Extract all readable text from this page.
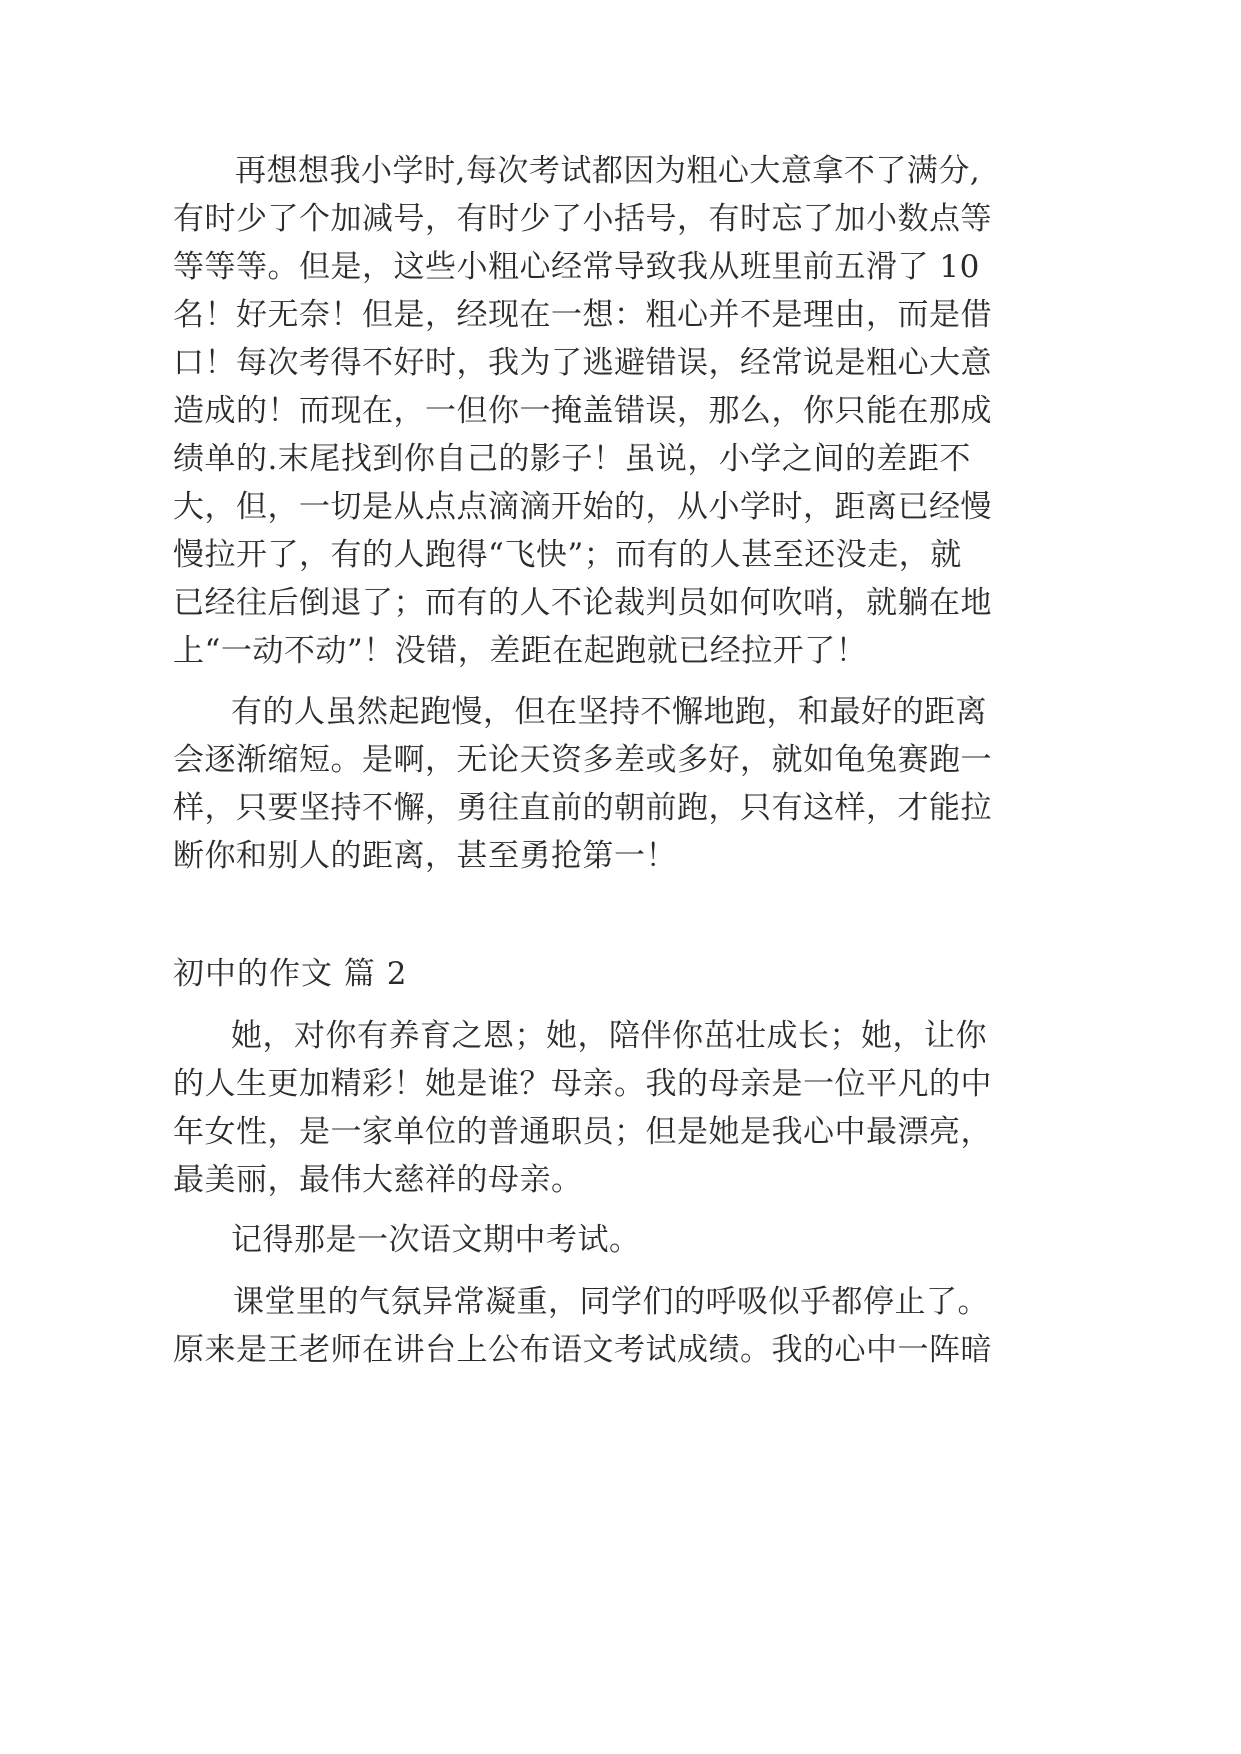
再想想我小学时,每次考试都因为粗心大意拿不了满分,
有时少了个加减号，有时少了小括号，有时忘了加小数点等
等等等。但是，这些小粗心经常导致我从班里前五滑了 10
名！好无奈！但是，经现在一想：粗心并不是理由，而是借
口！每次考得不好时，我为了逃避错误，经常说是粗心大意
造成的！而现在，一但你一掩盖错误，那么，你只能在那成
绩单的.末尾找到你自己的影子！虽说，小学之间的差距不
大，但，一切是从点点滴滴开始的，从小学时，距离已经慢
慢拉开了，有的人跑得“飞快”；而有的人甚至还没走，就
已经往后倒退了；而有的人不论裁判员如何吹哨，就躺在地
上“一动不动”！没错，差距在起跑就已经拉开了！
有的人虽然起跑慢，但在坚持不懈地跑，和最好的距离
会逐渐缩短。是啊，无论天资多差或多好，就如龟兔赛跑一
样，只要坚持不懈，勇往直前的朝前跑，只有这样，才能拉
断你和别人的距离，甚至勇抢第一！
初中的作文 篇 2
她，对你有养育之恩；她，陪伴你茁壮成长；她，让你
的人生更加精彩！她是谁？母亲。我的母亲是一位平凡的中
年女性，是一家单位的普通职员；但是她是我心中最漂亮，
最美丽，最伟大慈祥的母亲。
记得那是一次语文期中考试。
课堂里的气氛异常凝重，同学们的呼吸似乎都停止了。
原来是王老师在讲台上公布语文考试成绩。我的心中一阵暗
